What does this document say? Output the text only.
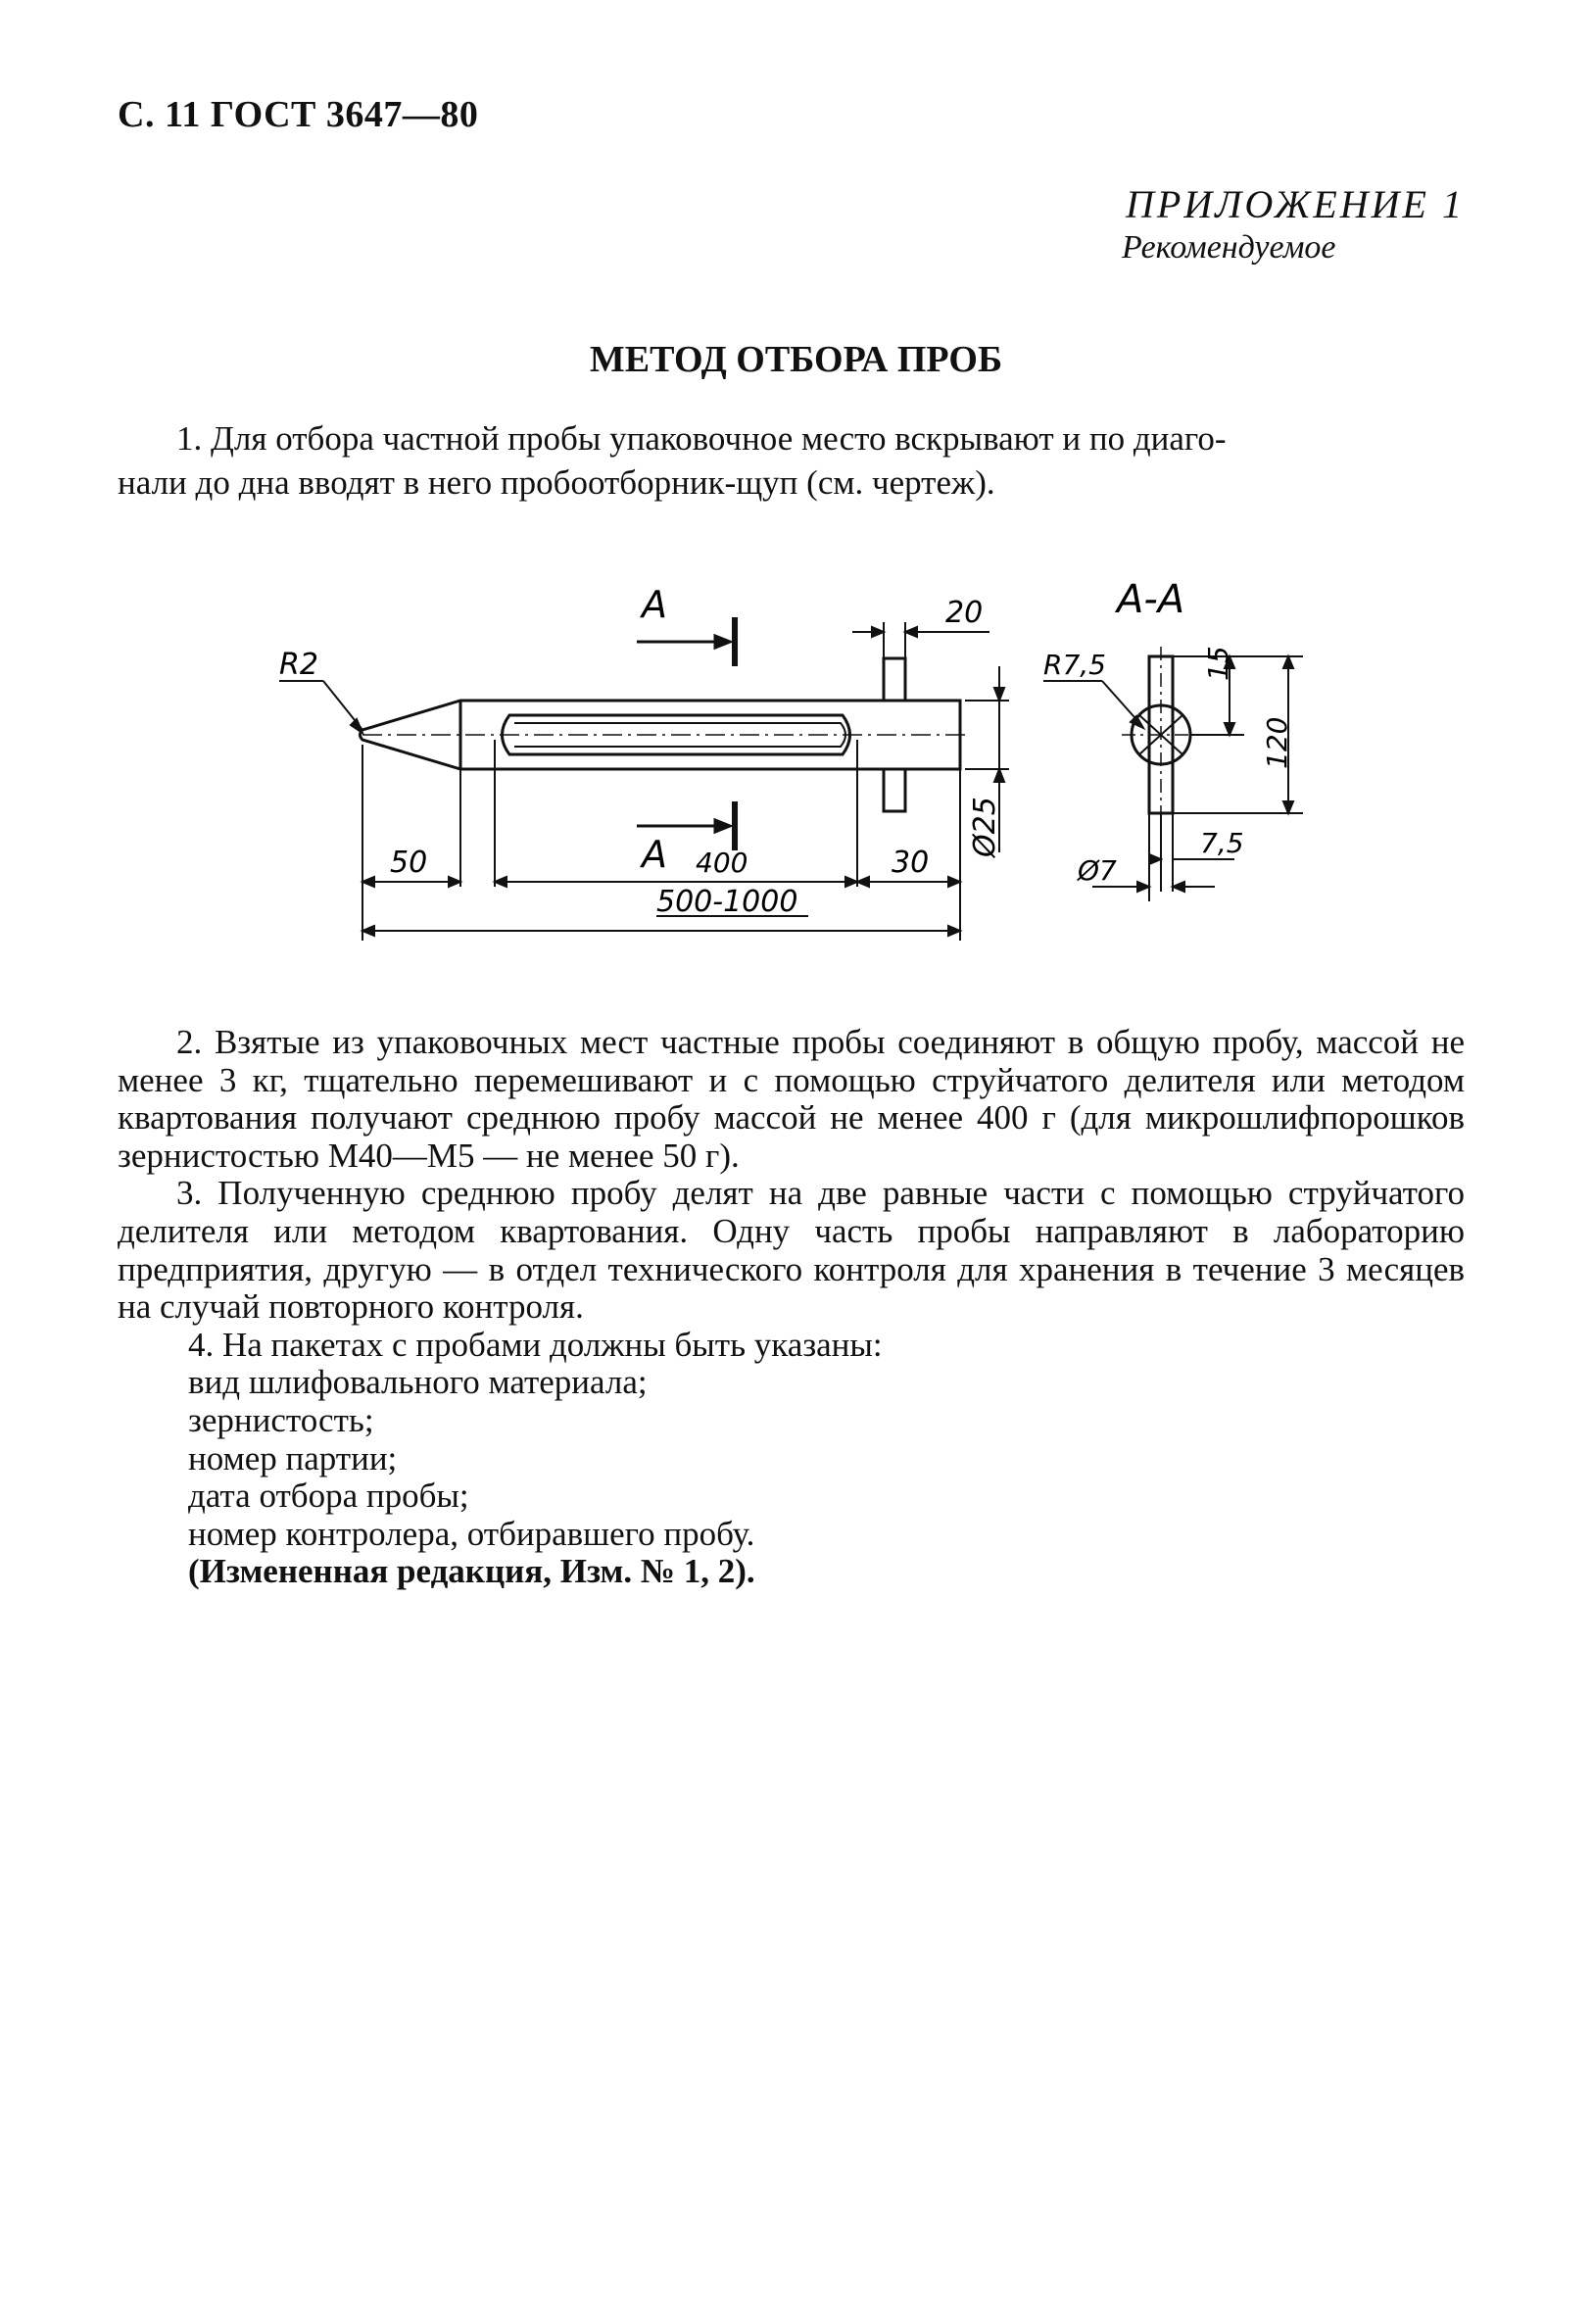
С. 11 ГОСТ 3647—80
ПРИЛОЖЕНИЕ 1
Рекомендуемое
МЕТОД ОТБОРА ПРОБ
1. Для отбора частной пробы упаковочное место вскрывают и по диаго-
нали до дна вводят в него пробоотборник-щуп (см. чертеж).
A
A
R2
20
Ø25
50	400	30
500-1000
A-A
R7,5	15
120
7,5
Ø7
2. Взятые из упаковочных мест частные пробы соединяют в общую пробу, массой не менее 3 кг, тщательно перемешивают и с помощью струйчатого делителя или методом квартования получают среднюю пробу массой не менее 400 г (для микрошлифпорошков зернистостью М40—М5 — не менее 50 г).
3. Полученную среднюю пробу делят на две равные части с помощью струйчатого делителя или методом квартования. Одну часть пробы направляют в лабораторию предприятия, другую — в отдел технического контроля для хранения в течение 3 месяцев на случай повторного контроля.
4. На пакетах с пробами должны быть указаны:
вид шлифовального материала;
зернистость;
номер партии;
дата отбора пробы;
номер контролера, отбиравшего пробу.
(Измененная редакция, Изм. № 1, 2).
